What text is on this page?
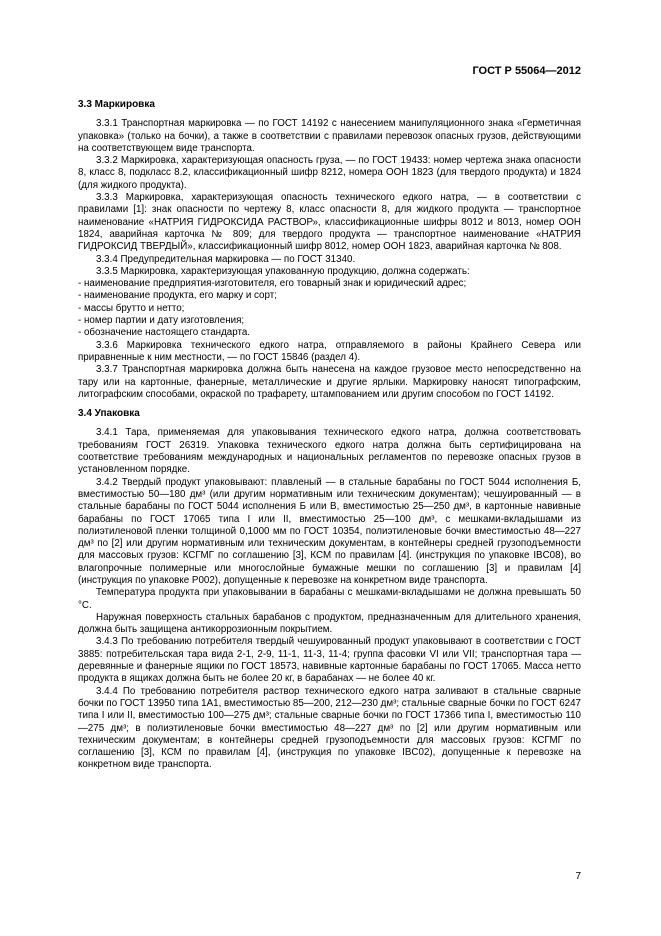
ГОСТ Р 55064—2012
3.3 Маркировка

3.3.1 Транспортная маркировка — по ГОСТ 14192 с нанесением манипуляционного знака «Герметичная упаковка» (только на бочки), а также в соответствии с правилами перевозок опасных грузов, действующими на соответствующем виде транспорта.

3.3.2 Маркировка, характеризующая опасность груза, — по ГОСТ 19433: номер чертежа знака опасности 8, класс 8, подкласс 8.2, классификационный шифр 8212, номера ООН 1823 (для твердого продукта) и 1824 (для жидкого продукта).

3.3.3 Маркировка, характеризующая опасность технического едкого натра, — в соответствии с правилами [1]: знак опасности по чертежу 8, класс опасности 8, для жидкого продукта — транспортное наименование «НАТРИЯ ГИДРОКСИДА РАСТВОР», классификационные шифры 8012 и 8013, номер ООН 1824, аварийная карточка № 809; для твердого продукта — транспортное наименование «НАТРИЯ ГИДРОКСИД ТВЕРДЫЙ», классификационный шифр 8012, номер ООН 1823, аварийная карточка № 808.

3.3.4 Предупредительная маркировка — по ГОСТ 31340.

3.3.5 Маркировка, характеризующая упакованную продукцию, должна содержать:

- наименование предприятия-изготовителя, его товарный знак и юридический адрес;
- наименование продукта, его марку и сорт;
- массы брутто и нетто;
- номер партии и дату изготовления;
- обозначение настоящего стандарта.

3.3.6 Маркировка технического едкого натра, отправляемого в районы Крайнего Севера или приравненные к ним местности, — по ГОСТ 15846 (раздел 4).

3.3.7 Транспортная маркировка должна быть нанесена на каждое грузовое место непосредственно на тару или на картонные, фанерные, металлические и другие ярлыки. Маркировку наносят типографским, литографским способами, окраской по трафарету, штампованием или другим способом по ГОСТ 14192.

3.4 Упаковка

3.4.1 Тара, применяемая для упаковывания технического едкого натра, должна соответствовать требованиям ГОСТ 26319. Упаковка технического едкого натра должна быть сертифицирована на соответствие требованиям международных и национальных регламентов по перевозке опасных грузов в установленном порядке.

3.4.2 Твердый продукт упаковывают: плавленый — в стальные барабаны по ГОСТ 5044 исполнения Б, вместимостью 50—180 дм³ (или другим нормативным или техническим документам); чешуированный — в стальные барабаны по ГОСТ 5044 исполнения Б или В, вместимостью 25—250 дм³, в картонные навивные барабаны по ГОСТ 17065 типа I или II, вместимостью 25—100 дм³, с мешками-вкладышами из полиэтиленовой пленки толщиной 0,1000 мм по ГОСТ 10354, полиэтиленовые бочки вместимостью 48—227 дм³ по [2] или другим нормативным или техническим документам, в контейнеры средней грузоподъемности для массовых грузов: КСГМГ по соглашению [3], КСМ по правилам [4]. (инструкция по упаковке IBC08), во влагопрочные полимерные или многослойные бумажные мешки по соглашению [3] и правилам [4] (инструкция по упаковке Р002), допущенные к перевозке на конкретном виде транспорта.

Температура продукта при упаковывании в барабаны с мешками-вкладышами не должна превышать 50 °С.

Наружная поверхность стальных барабанов с продуктом, предназначенным для длительного хранения, должна быть защищена антикоррозионным покрытием.

3.4.3 По требованию потребителя твердый чешуированный продукт упаковывают в соответствии с ГОСТ 3885: потребительская тара вида 2-1, 2-9, 11-1, 11-3, 11-4; группа фасовки VI или VII; транспортная тара — деревянные и фанерные ящики по ГОСТ 18573, навивные картонные барабаны по ГОСТ 17065. Масса нетто продукта в ящиках должна быть не более 20 кг, в барабанах — не более 40 кг.

3.4.4 По требованию потребителя раствор технического едкого натра заливают в стальные сварные бочки по ГОСТ 13950 типа 1А1, вместимостью 85—200, 212—230 дм³; стальные сварные бочки по ГОСТ 6247 типа I или II, вместимостью 100—275 дм³; стальные сварные бочки по ГОСТ 17366 типа I, вместимостью 110—275 дм³; в полиэтиленовые бочки вместимостью 48—227 дм³ по [2] или другим нормативным или техническим документам; в контейнеры средней грузоподъемности для массовых грузов: КСГМГ по соглашению [3], КСМ по правилам [4], (инструкция по упаковке IBC02), допущенные к перевозке на конкретном виде транспорта.

7
